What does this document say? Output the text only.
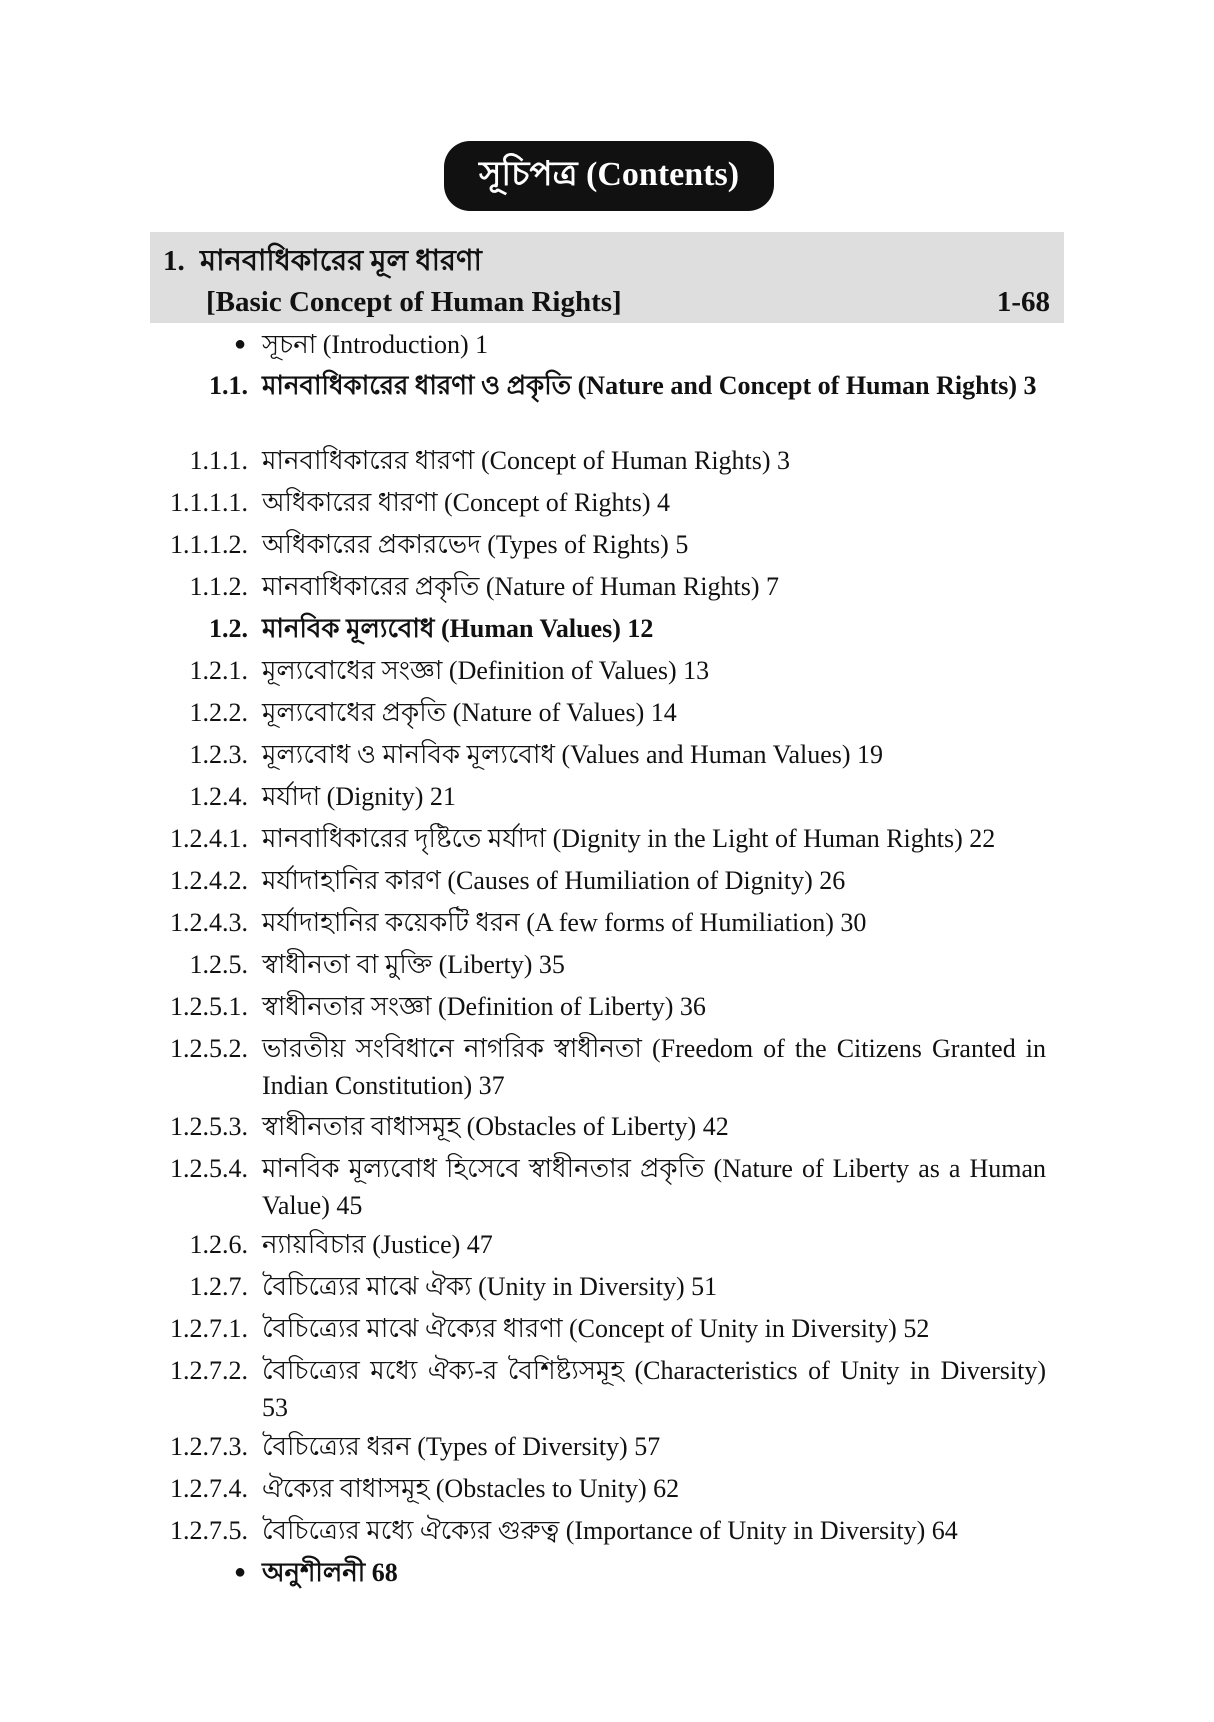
সূচিপত্র (Contents)
1. মানবাধিকারের মূল ধারণা
[Basic Concept of Human Rights]	1-68
● সূচনা (Introduction) 1
1.1. মানবাধিকারের ধারণা ও প্রকৃতি (Nature and Concept of Human Rights) 3
1.1.1. মানবাধিকারের ধারণা (Concept of Human Rights) 3
1.1.1.1. অধিকারের ধারণা (Concept of Rights) 4
1.1.1.2. অধিকারের প্রকারভেদ (Types of Rights) 5
1.1.2. মানবাধিকারের প্রকৃতি (Nature of Human Rights) 7
1.2. মানবিক মূল্যবোধ (Human Values) 12
1.2.1. মূল্যবোধের সংজ্ঞা (Definition of Values) 13
1.2.2. মূল্যবোধের প্রকৃতি (Nature of Values) 14
1.2.3. মূল্যবোধ ও মানবিক মূল্যবোধ (Values and Human Values) 19
1.2.4. মর্যাদা (Dignity) 21
1.2.4.1. মানবাধিকারের দৃষ্টিতে মর্যাদা (Dignity in the Light of Human Rights) 22
1.2.4.2. মর্যাদাহানির কারণ (Causes of Humiliation of Dignity) 26
1.2.4.3. মর্যাদাহানির কয়েকটি ধরন (A few forms of Humiliation) 30
1.2.5. স্বাধীনতা বা মুক্তি (Liberty) 35
1.2.5.1. স্বাধীনতার সংজ্ঞা (Definition of Liberty) 36
1.2.5.2. ভারতীয় সংবিধানে নাগরিক স্বাধীনতা (Freedom of the Citizens Granted in Indian Constitution) 37
1.2.5.3. স্বাধীনতার বাধাসমূহ (Obstacles of Liberty) 42
1.2.5.4. মানবিক মূল্যবোধ হিসেবে স্বাধীনতার প্রকৃতি (Nature of Liberty as a Human Value) 45
1.2.6. ন্যায়বিচার (Justice) 47
1.2.7. বৈচিত্র্যের মাঝে ঐক্য (Unity in Diversity) 51
1.2.7.1. বৈচিত্র্যের মাঝে ঐক্যের ধারণা (Concept of Unity in Diversity) 52
1.2.7.2. বৈচিত্র্যের মধ্যে ঐক্য-র বৈশিষ্ট্যসমূহ (Characteristics of Unity in Diversity) 53
1.2.7.3. বৈচিত্র্যের ধরন (Types of Diversity) 57
1.2.7.4. ঐক্যের বাধাসমূহ (Obstacles to Unity) 62
1.2.7.5. বৈচিত্র্যের মধ্যে ঐক্যের গুরুত্ব (Importance of Unity in Diversity) 64
● অনুশীলনী 68
